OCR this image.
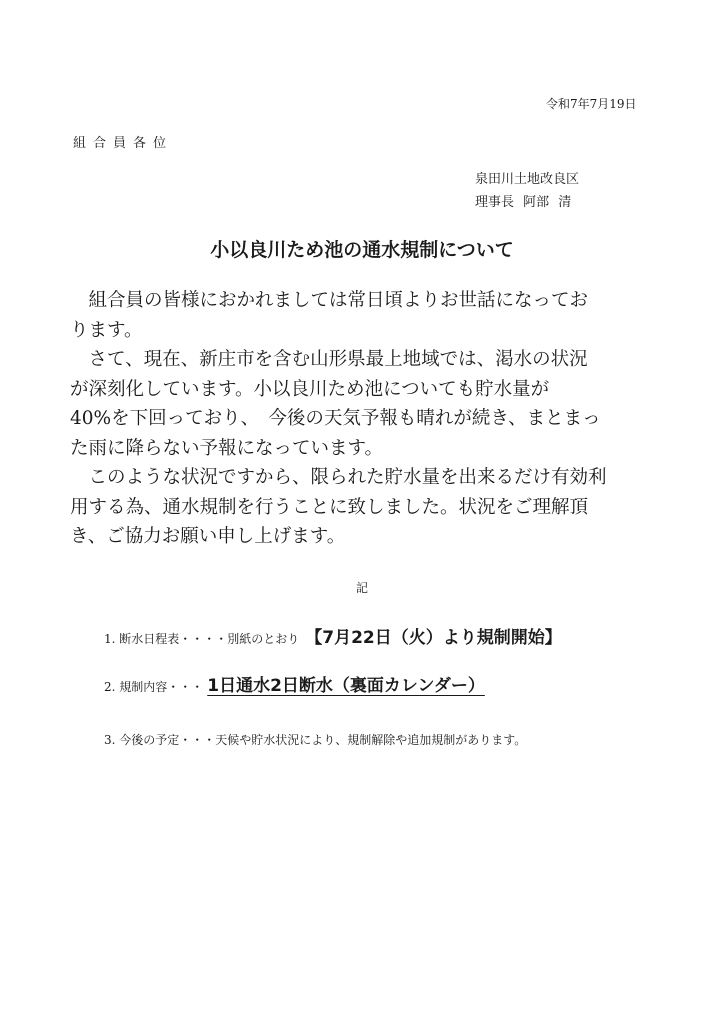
令和7年7月19日
組合員各位
泉田川土地改良区
理事長 阿部 清
小以良川ため池の通水規制について

　組合員の皆様におかれましては常日頃よりお世話になってお
ります。

　さて、現在、新庄市を含む山形県最上地域では、渇水の状況
が深刻化しています。小以良川ため池についても貯水量が
40%を下回っており、　今後の天気予報も晴れが続き、まとまっ
た雨に降らない予報になっています。

　このような状況ですから、限られた貯水量を出来るだけ有効利
用する為、通水規制を行うことに致しました。状況をご理解頂
き、ご協力お願い申し上げます。

記
1. 断水日程表・・・・別紙のとおり 【7月22日（火）より規制開始】
2. 規制内容・・・ 1日通水2日断水（裏面カレンダー）
3. 今後の予定・・・天候や貯水状況により、規制解除や追加規制があります。
